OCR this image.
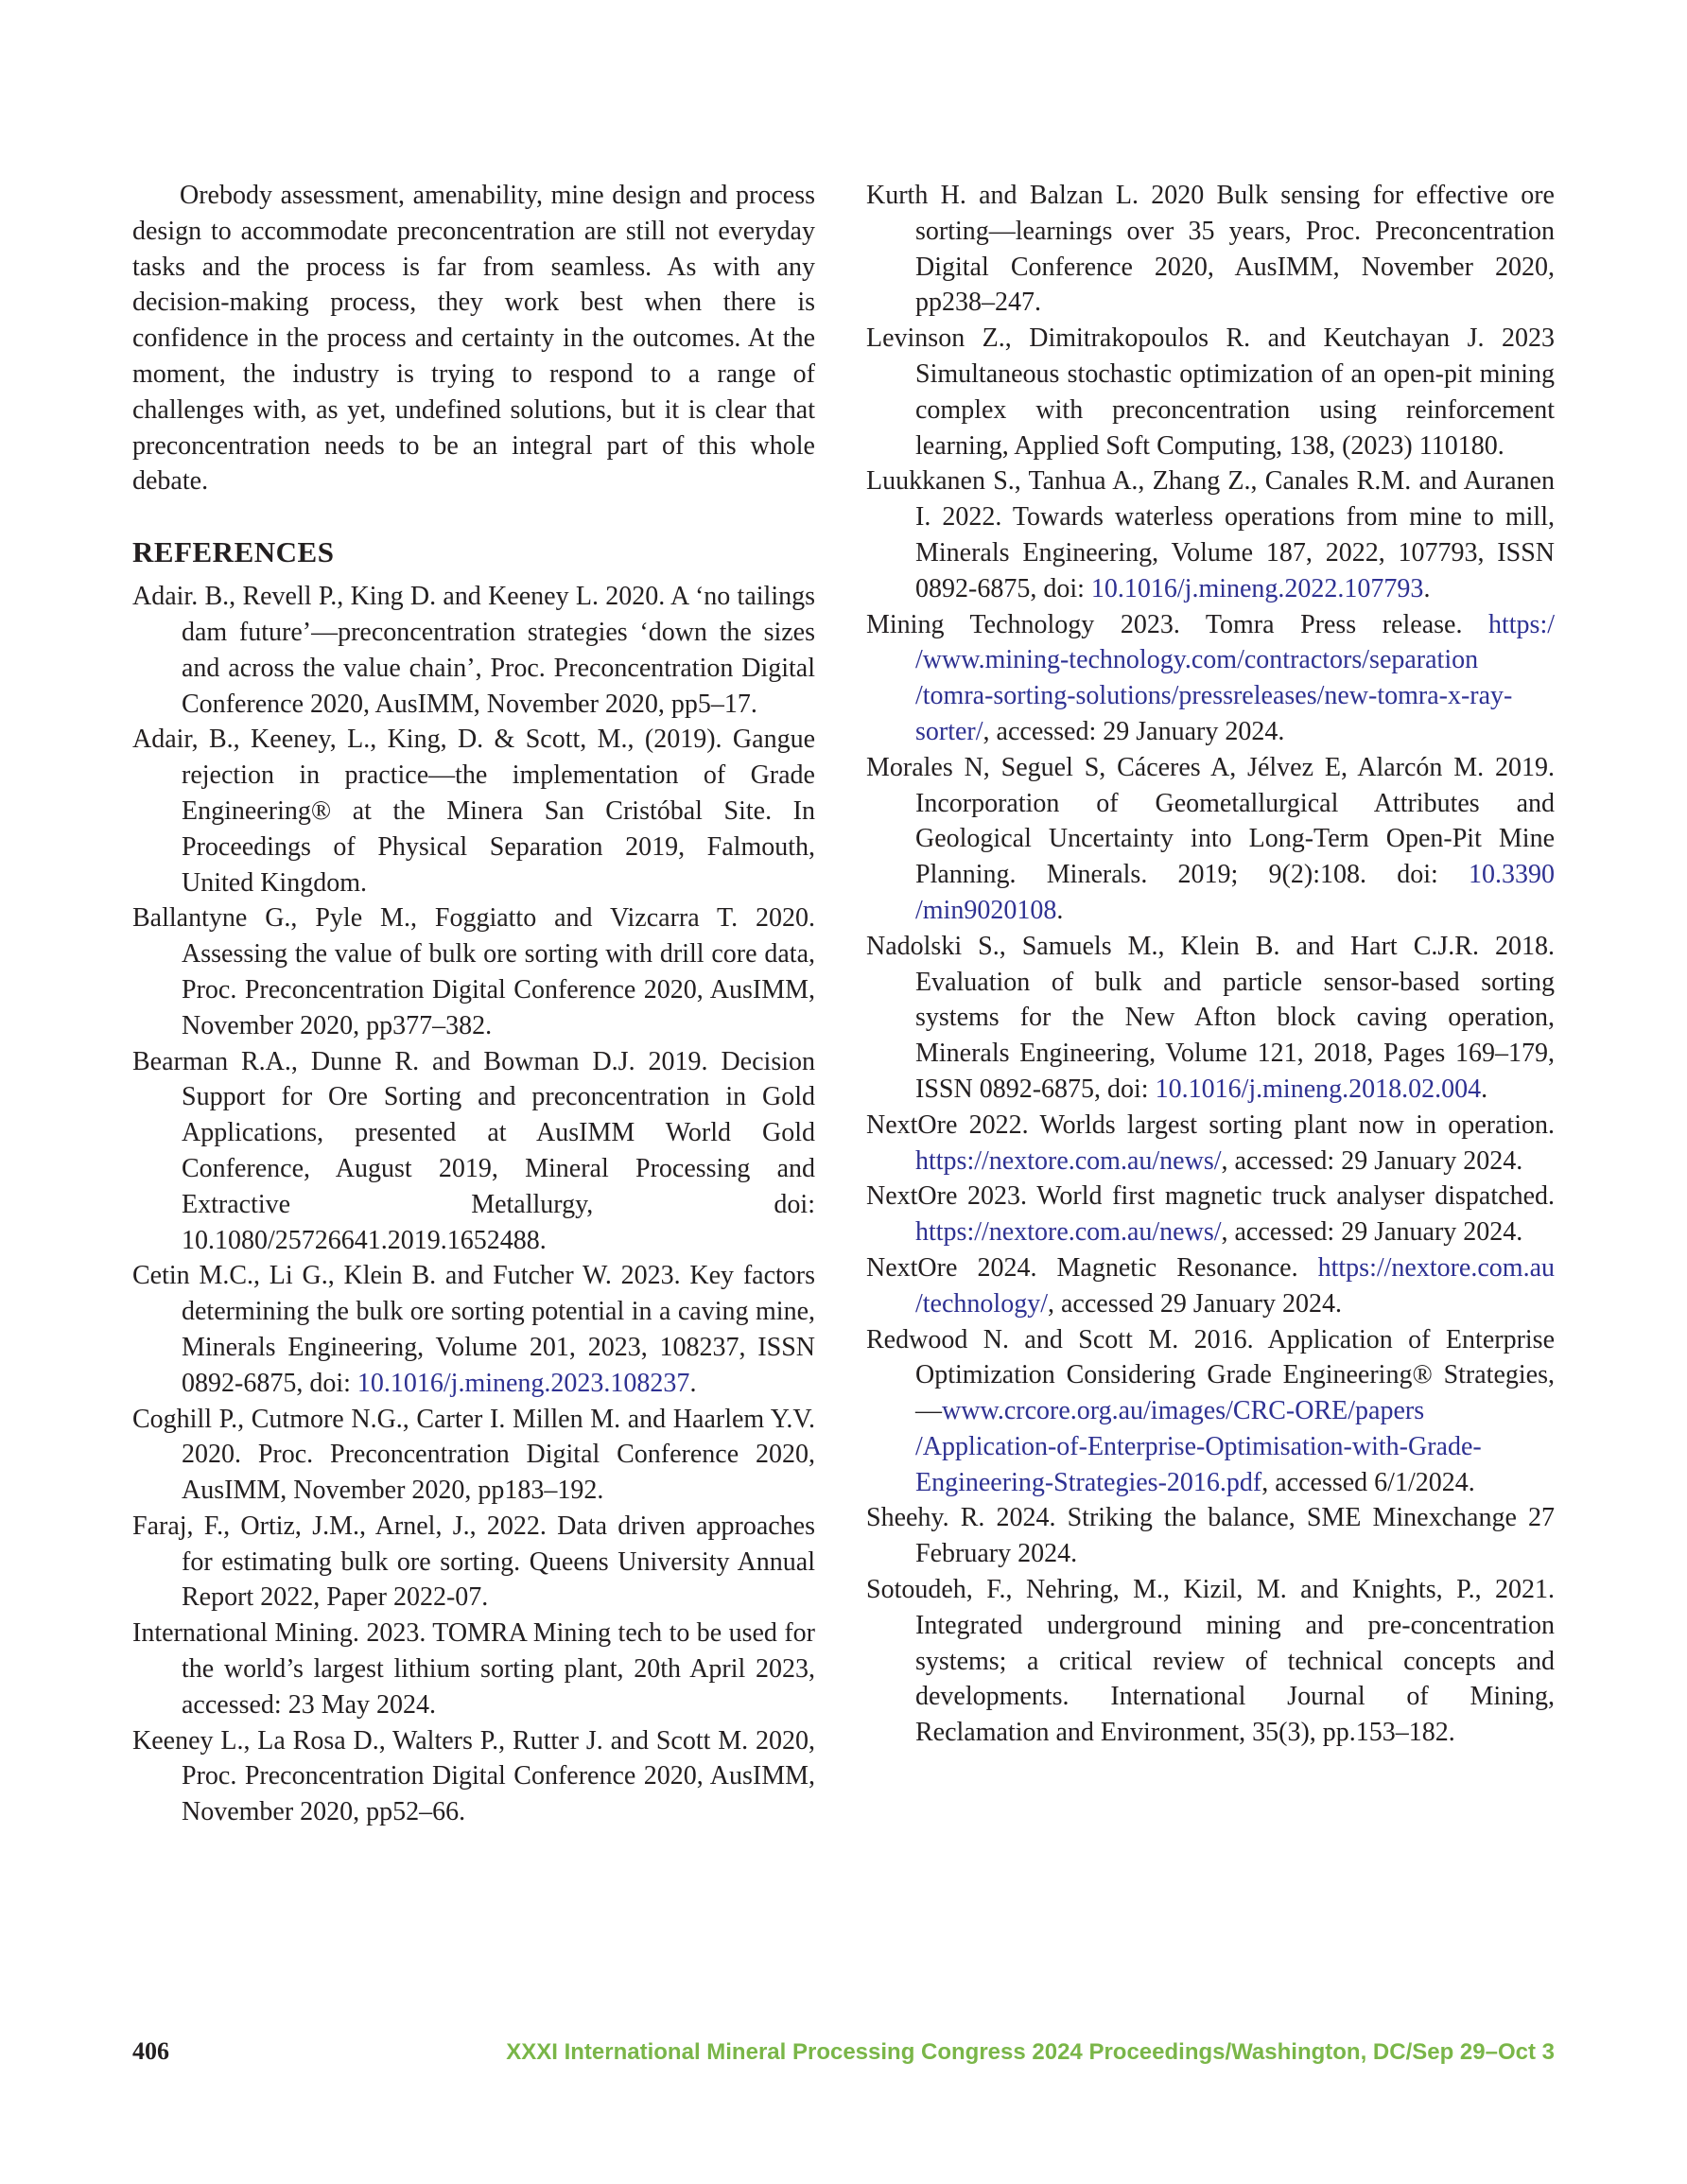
Orebody assessment, amenability, mine design and process design to accommodate preconcentration are still not everyday tasks and the process is far from seamless. As with any decision-making process, they work best when there is confidence in the process and certainty in the outcomes. At the moment, the industry is trying to respond to a range of challenges with, as yet, undefined solutions, but it is clear that preconcentration needs to be an integral part of this whole debate.

REFERENCES

Adair. B., Revell P., King D. and Keeney L. 2020. A ‘no tailings dam future’—preconcentration strategies ‘down the sizes and across the value chain’, Proc. Preconcentration Digital Conference 2020, AusIMM, November 2020, pp5–17.

Adair, B., Keeney, L., King, D. & Scott, M., (2019). Gangue rejection in practice—the implementation of Grade Engineering® at the Minera San Cristóbal Site. In Proceedings of Physical Separation 2019, Falmouth, United Kingdom.

Ballantyne G., Pyle M., Foggiatto and Vizcarra T. 2020. Assessing the value of bulk ore sorting with drill core data, Proc. Preconcentration Digital Conference 2020, AusIMM, November 2020, pp377–382.

Bearman R.A., Dunne R. and Bowman D.J. 2019. Decision Support for Ore Sorting and preconcentration in Gold Applications, presented at AusIMM World Gold Conference, August 2019, Mineral Processing and Extractive Metallurgy, doi: 10.1080/25726641.2019.1652488.

Cetin M.C., Li G., Klein B. and Futcher W. 2023. Key factors determining the bulk ore sorting potential in a caving mine, Minerals Engineering, Volume 201, 2023, 108237, ISSN 0892-6875, doi: 10.1016/j.mineng.2023.108237.

Coghill P., Cutmore N.G., Carter I. Millen M. and Haarlem Y.V. 2020. Proc. Preconcentration Digital Conference 2020, AusIMM, November 2020, pp183–192.

Faraj, F., Ortiz, J.M., Arnel, J., 2022. Data driven approaches for estimating bulk ore sorting. Queens University Annual Report 2022, Paper 2022-07.

International Mining. 2023. TOMRA Mining tech to be used for the world’s largest lithium sorting plant, 20th April 2023, accessed: 23 May 2024.

Keeney L., La Rosa D., Walters P., Rutter J. and Scott M. 2020, Proc. Preconcentration Digital Conference 2020, AusIMM, November 2020, pp52–66.

Kurth H. and Balzan L. 2020 Bulk sensing for effective ore sorting—learnings over 35 years, Proc. Preconcentration Digital Conference 2020, AusIMM, November 2020, pp238–247.

Levinson Z., Dimitrakopoulos R. and Keutchayan J. 2023 Simultaneous stochastic optimization of an open-pit mining complex with preconcentration using reinforcement learning, Applied Soft Computing, 138, (2023) 110180.

Luukkanen S., Tanhua A., Zhang Z., Canales R.M. and Auranen I. 2022. Towards waterless operations from mine to mill, Minerals Engineering, Volume 187, 2022, 107793, ISSN 0892-6875, doi: 10.1016/j.mineng.2022.107793.

Mining Technology 2023. Tomra Press release. https://www.mining-technology.com/contractors/separation/tomra-sorting-solutions/pressreleases/new-tomra-x-ray-sorter/, accessed: 29 January 2024.

Morales N, Seguel S, Cáceres A, Jélvez E, Alarcón M. 2019. Incorporation of Geometallurgical Attributes and Geological Uncertainty into Long-Term Open-Pit Mine Planning. Minerals. 2019; 9(2):108. doi: 10.3390/min9020108.

Nadolski S., Samuels M., Klein B. and Hart C.J.R. 2018. Evaluation of bulk and particle sensor-based sorting systems for the New Afton block caving operation, Minerals Engineering, Volume 121, 2018, Pages 169–179, ISSN 0892-6875, doi: 10.1016/j.mineng.2018.02.004.

NextOre 2022. Worlds largest sorting plant now in operation. https://nextore.com.au/news/, accessed: 29 January 2024.

NextOre 2023. World first magnetic truck analyser dispatched. https://nextore.com.au/news/, accessed: 29 January 2024.

NextOre 2024. Magnetic Resonance. https://nextore.com.au/technology/, accessed 29 January 2024.

Redwood N. and Scott M. 2016. Application of Enterprise Optimization Considering Grade Engineering® Strategies,—www.crcore.org.au/images/CRC-ORE/papers/Application-of-Enterprise-Optimisation-with-Grade-Engineering-Strategies-2016.pdf, accessed 6/1/2024.

Sheehy. R. 2024. Striking the balance, SME Minexchange 27 February 2024.

Sotoudeh, F., Nehring, M., Kizil, M. and Knights, P., 2021. Integrated underground mining and pre-concentration systems; a critical review of technical concepts and developments. International Journal of Mining, Reclamation and Environment, 35(3), pp.153–182.

406	XXXI International Mineral Processing Congress 2024 Proceedings/Washington, DC/Sep 29–Oct 3
